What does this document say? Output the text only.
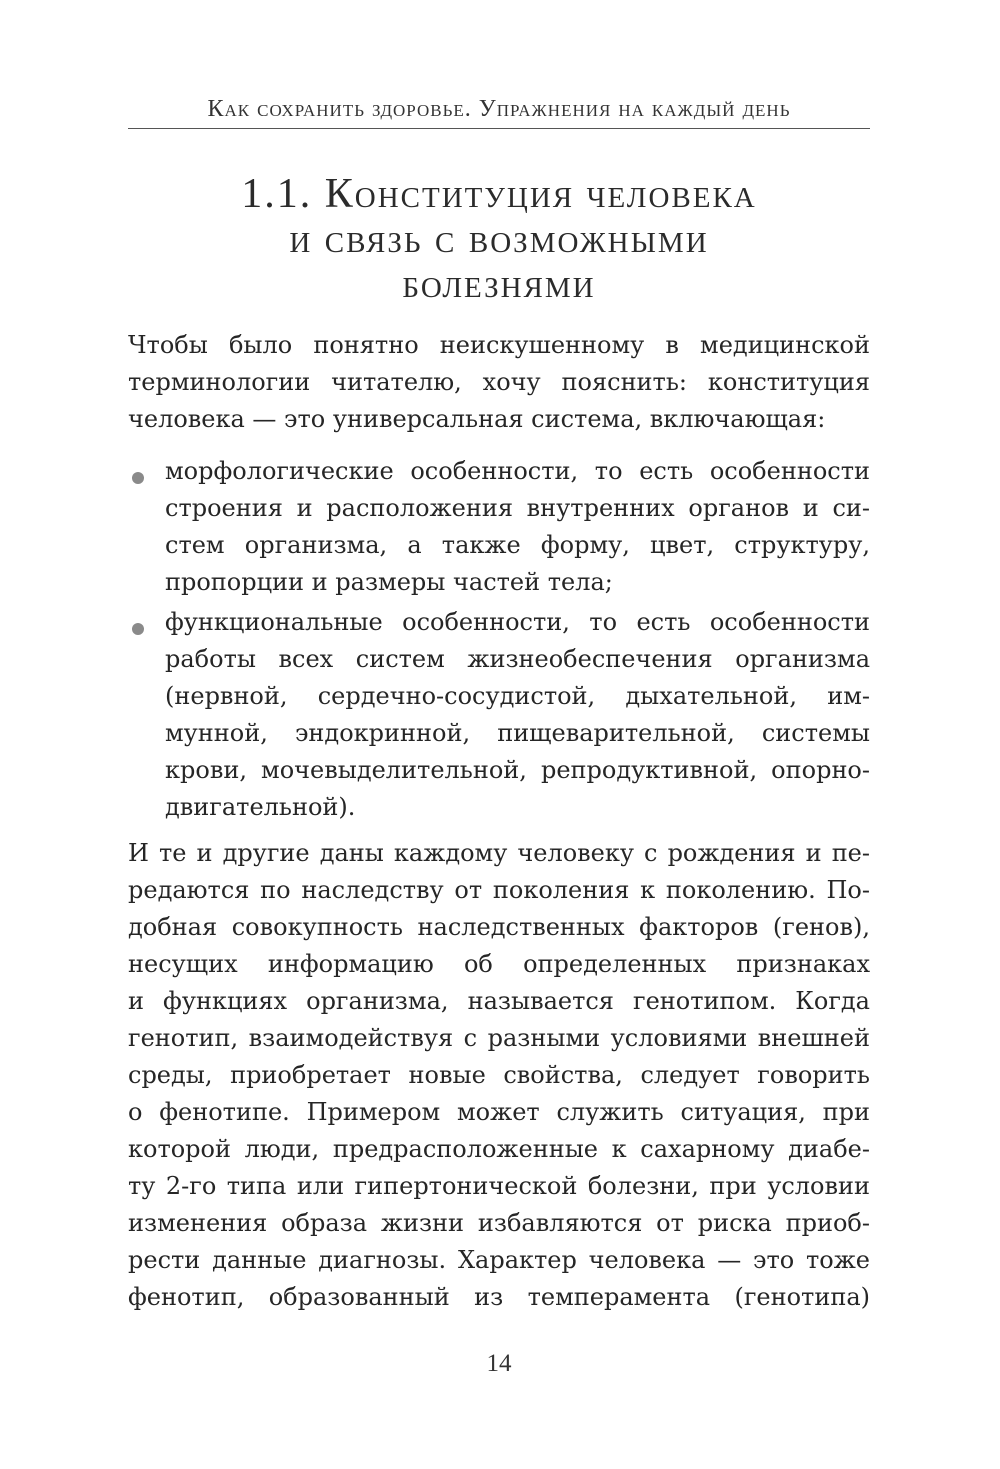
Как сохранить здоровье. Упражнения на каждый день
1.1. Конституция человека
и связь с возможными
болезнями

Чтобы было понятно неискушенному в медицинской
терминологии читателю, хочу пояснить: конституция
человека — это универсальная система, включающая:

морфологические особенности, то есть особенности
строения и расположения внутренних органов и си-
стем организма, а также форму, цвет, структуру,
пропорции и размеры частей тела;

функциональные особенности, то есть особенности
работы всех систем жизнеобеспечения организма
(нервной, сердечно-сосудистой, дыхательной, им-
мунной, эндокринной, пищеварительной, системы
крови, мочевыделительной, репродуктивной, опорно-
двигательной).

И те и другие даны каждому человеку с рождения и пе-
редаются по наследству от поколения к поколению. По-
добная совокупность наследственных факторов (генов),
несущих информацию об определенных признаках
и функциях организма, называется генотипом. Когда
генотип, взаимодействуя с разными условиями внешней
среды, приобретает новые свойства, следует говорить
о фенотипе. Примером может служить ситуация, при
которой люди, предрасположенные к сахарному диабе-
ту 2-го типа или гипертонической болезни, при условии
изменения образа жизни избавляются от риска приоб-
рести данные диагнозы. Характер человека — это тоже
фенотип, образованный из темперамента (генотипа)

14
